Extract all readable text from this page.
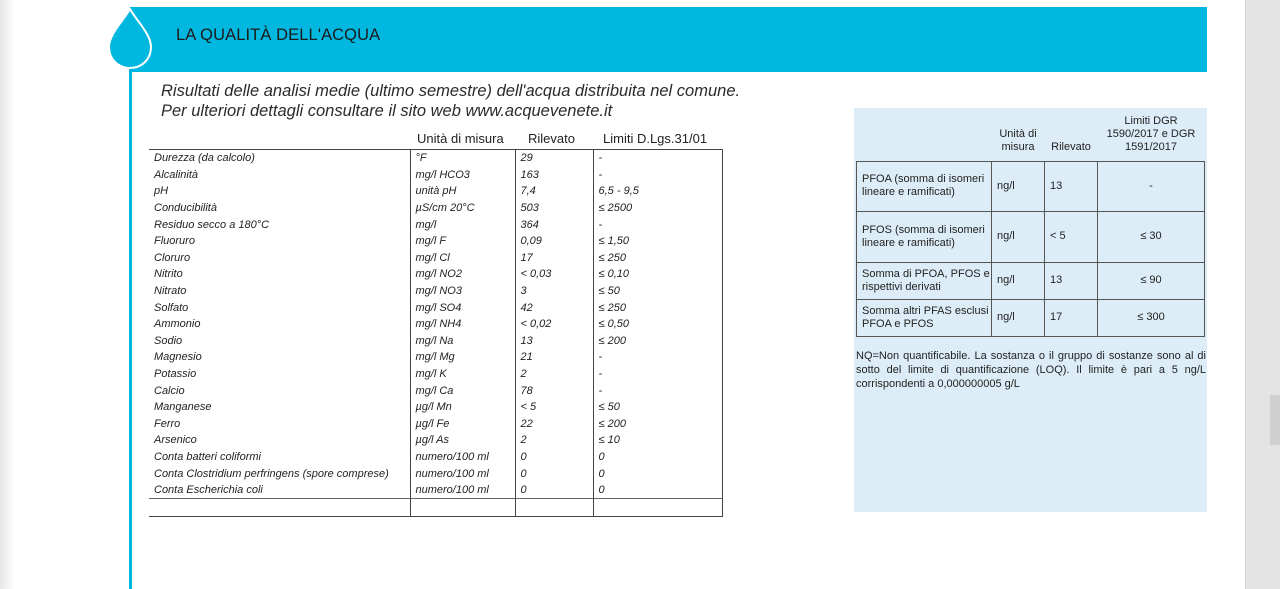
LA QUALITÀ DELL'ACQUA
Risultati delle analisi medie (ultimo semestre) dell'acqua distribuita nel comune.
Per ulteriori dettagli consultare il sito web www.acquevenete.it
	Unità di misura	Rilevato	Limiti D.Lgs.31/01
Durezza (da calcolo)	°F	29	-
Alcalinità	mg/l HCO3	163	-
pH	unità pH	7,4	6,5 - 9,5
Conducibilità	µS/cm 20°C	503	≤ 2500
Residuo secco a 180°C	mg/l	364	-
Fluoruro	mg/l F	0,09	≤ 1,50
Cloruro	mg/l Cl	17	≤ 250
Nitrito	mg/l NO2	< 0,03	≤ 0,10
Nitrato	mg/l NO3	3	≤ 50
Solfato	mg/l SO4	42	≤ 250
Ammonio	mg/l NH4	< 0,02	≤ 0,50
Sodio	mg/l Na	13	≤ 200
Magnesio	mg/l Mg	21	-
Potassio	mg/l K	2	-
Calcio	mg/l Ca	78	-
Manganese	µg/l Mn	< 5	≤ 50
Ferro	µg/l Fe	22	≤ 200
Arsenico	µg/l As	2	≤ 10
Conta batteri coliformi	numero/100 ml	0	0
Conta Clostridium perfringens (spore comprese)	numero/100 ml	0	0
Conta Escherichia coli	numero/100 ml	0	0

	Unità di misura	Rilevato	Limiti DGR 1590/2017 e DGR 1591/2017

PFOA (somma di isomeri lineare e ramificati)	ng/l	13	-
PFOS (somma di isomeri lineare e ramificati)	ng/l	< 5	≤ 30
Somma di PFOA, PFOS e rispettivi derivati	ng/l	13	≤ 90
Somma altri PFAS esclusi PFOA e PFOS	ng/l	17	≤ 300
NQ=Non quantificabile. La sostanza o il gruppo di sostanze sono al di sotto del limite di quantificazione (LOQ). Il limite è pari a 5 ng/L corrispondenti a 0,000000005 g/L
